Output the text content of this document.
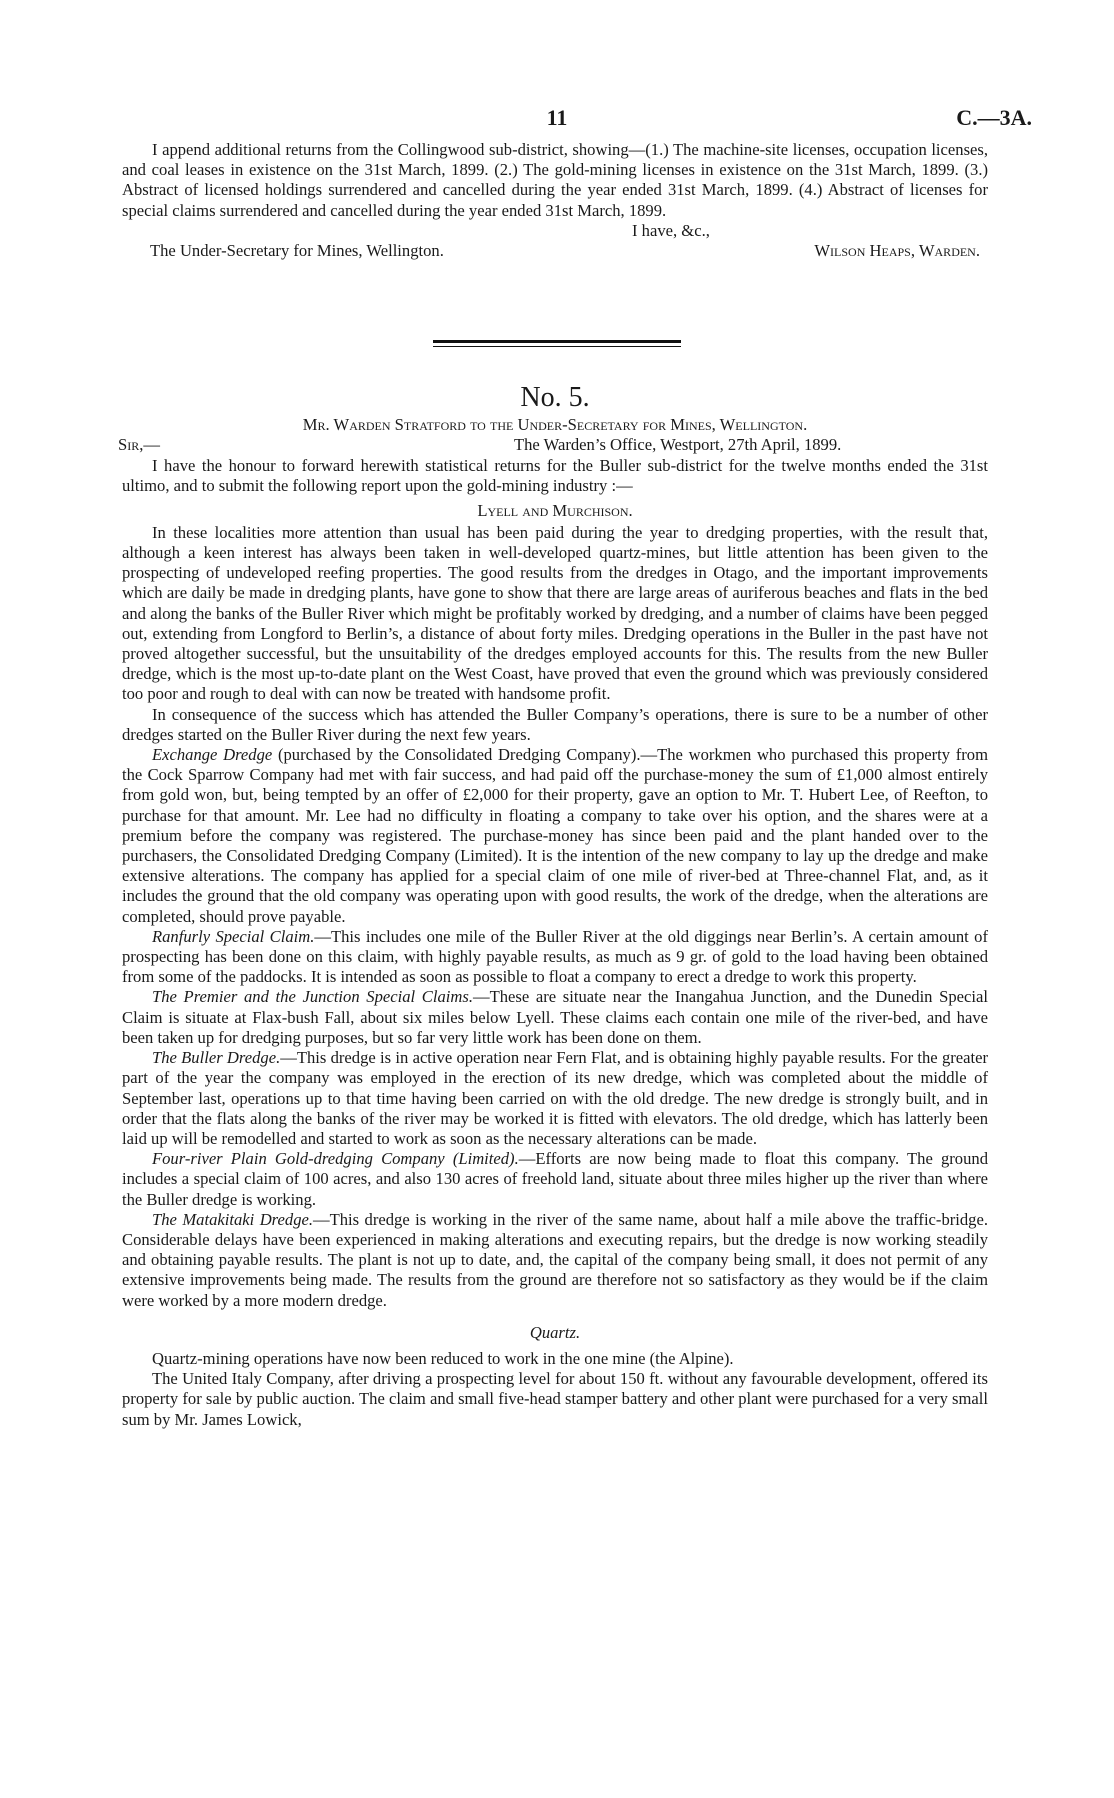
11	C.—3A.

I append additional returns from the Collingwood sub-district, showing—(1.) The machine-site licenses, occupation licenses, and coal leases in existence on the 31st March, 1899. (2.) The gold-mining licenses in existence on the 31st March, 1899. (3.) Abstract of licensed holdings surrendered and cancelled during the year ended 31st March, 1899. (4.) Abstract of licenses for special claims surrendered and cancelled during the year ended 31st March, 1899.

I have, &c.,

The Under-Secretary for Mines, Wellington.	Wilson Heaps, Warden.

No. 5.

Mr. Warden Stratford to the Under-Secretary for Mines, Wellington.

Sir,—	The Warden’s Office, Westport, 27th April, 1899.

I have the honour to forward herewith statistical returns for the Buller sub-district for the twelve months ended the 31st ultimo, and to submit the following report upon the gold-mining industry :—

Lyell and Murchison.

In these localities more attention than usual has been paid during the year to dredging properties, with the result that, although a keen interest has always been taken in well-developed quartz-mines, but little attention has been given to the prospecting of undeveloped reefing properties. The good results from the dredges in Otago, and the important improvements which are daily be made in dredging plants, have gone to show that there are large areas of auriferous beaches and flats in the bed and along the banks of the Buller River which might be profitably worked by dredging, and a number of claims have been pegged out, extending from Longford to Berlin’s, a distance of about forty miles. Dredging operations in the Buller in the past have not proved altogether successful, but the unsuitability of the dredges employed accounts for this. The results from the new Buller dredge, which is the most up-to-date plant on the West Coast, have proved that even the ground which was previously considered too poor and rough to deal with can now be treated with handsome profit.

In consequence of the success which has attended the Buller Company’s operations, there is sure to be a number of other dredges started on the Buller River during the next few years.

Exchange Dredge (purchased by the Consolidated Dredging Company).—The workmen who purchased this property from the Cock Sparrow Company had met with fair success, and had paid off the purchase-money the sum of £1,000 almost entirely from gold won, but, being tempted by an offer of £2,000 for their property, gave an option to Mr. T. Hubert Lee, of Reefton, to purchase for that amount. Mr. Lee had no difficulty in floating a company to take over his option, and the shares were at a premium before the company was registered. The purchase-money has since been paid and the plant handed over to the purchasers, the Consolidated Dredging Company (Limited). It is the intention of the new company to lay up the dredge and make extensive alterations. The company has applied for a special claim of one mile of river-bed at Three-channel Flat, and, as it includes the ground that the old company was operating upon with good results, the work of the dredge, when the alterations are completed, should prove payable.

Ranfurly Special Claim.—This includes one mile of the Buller River at the old diggings near Berlin’s. A certain amount of prospecting has been done on this claim, with highly payable results, as much as 9 gr. of gold to the load having been obtained from some of the paddocks. It is intended as soon as possible to float a company to erect a dredge to work this property.

The Premier and the Junction Special Claims.—These are situate near the Inangahua Junction, and the Dunedin Special Claim is situate at Flax-bush Fall, about six miles below Lyell. These claims each contain one mile of the river-bed, and have been taken up for dredging purposes, but so far very little work has been done on them.

The Buller Dredge.—This dredge is in active operation near Fern Flat, and is obtaining highly payable results. For the greater part of the year the company was employed in the erection of its new dredge, which was completed about the middle of September last, operations up to that time having been carried on with the old dredge. The new dredge is strongly built, and in order that the flats along the banks of the river may be worked it is fitted with elevators. The old dredge, which has latterly been laid up will be remodelled and started to work as soon as the necessary alterations can be made.

Four-river Plain Gold-dredging Company (Limited).—Efforts are now being made to float this company. The ground includes a special claim of 100 acres, and also 130 acres of freehold land, situate about three miles higher up the river than where the Buller dredge is working.

The Matakitaki Dredge.—This dredge is working in the river of the same name, about half a mile above the traffic-bridge. Considerable delays have been experienced in making alterations and executing repairs, but the dredge is now working steadily and obtaining payable results. The plant is not up to date, and, the capital of the company being small, it does not permit of any extensive improvements being made. The results from the ground are therefore not so satisfactory as they would be if the claim were worked by a more modern dredge.

Quartz.

Quartz-mining operations have now been reduced to work in the one mine (the Alpine).

The United Italy Company, after driving a prospecting level for about 150 ft. without any favourable development, offered its property for sale by public auction. The claim and small five-head stamper battery and other plant were purchased for a very small sum by Mr. James Lowick,
